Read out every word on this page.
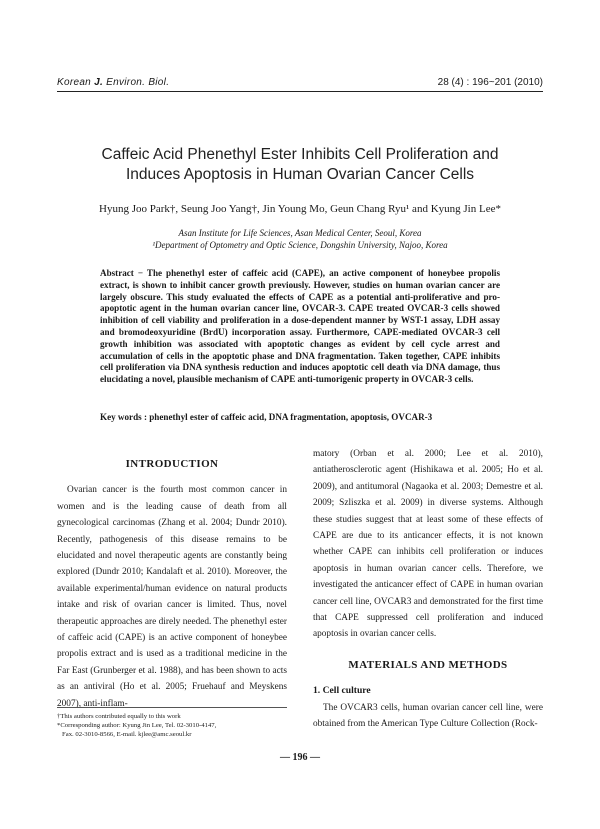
Korean J. Environ. Biol.	28 (4) : 196~201 (2010)
Caffeic Acid Phenethyl Ester Inhibits Cell Proliferation and
Induces Apoptosis in Human Ovarian Cancer Cells
Hyung Joo Park†, Seung Joo Yang†, Jin Young Mo, Geun Chang Ryu¹ and Kyung Jin Lee*
Asan Institute for Life Sciences, Asan Medical Center, Seoul, Korea
¹Department of Optometry and Optic Science, Dongshin University, Najoo, Korea

Abstract − The phenethyl ester of caffeic acid (CAPE), an active component of honeybee propolis extract, is shown to inhibit cancer growth previously. However, studies on human ovarian cancer are largely obscure. This study evaluated the effects of CAPE as a potential anti-proliferative and pro-apoptotic agent in the human ovarian cancer line, OVCAR-3. CAPE treated OVCAR-3 cells showed inhibition of cell viability and proliferation in a dose-dependent manner by WST-1 assay, LDH assay and bromodeoxyuridine (BrdU) incorporation assay. Furthermore, CAPE-mediated OVCAR-3 cell growth inhibition was associated with apoptotic changes as evident by cell cycle arrest and accumulation of cells in the apoptotic phase and DNA fragmentation. Taken together, CAPE inhibits cell proliferation via DNA synthesis reduction and induces apoptotic cell death via DNA damage, thus elucidating a novel, plausible mechanism of CAPE anti-tumorigenic property in OVCAR-3 cells.

Key words : phenethyl ester of caffeic acid, DNA fragmentation, apoptosis, OVCAR-3

INTRODUCTION

Ovarian cancer is the fourth most common cancer in women and is the leading cause of death from all gynecological carcinomas (Zhang et al. 2004; Dundr 2010). Recently, pathogenesis of this disease remains to be elucidated and novel therapeutic agents are constantly being explored (Dundr 2010; Kandalaft et al. 2010). Moreover, the available experimental/human evidence on natural products intake and risk of ovarian cancer is limited. Thus, novel therapeutic approaches are direly needed. The phenethyl ester of caffeic acid (CAPE) is an active component of honeybee propolis extract and is used as a traditional medicine in the Far East (Grunberger et al. 1988), and has been shown to acts as an antiviral (Ho et al. 2005; Fruehauf and Meyskens 2007), anti-inflam-

matory (Orban et al. 2000; Lee et al. 2010), antiatherosclerotic agent (Hishikawa et al. 2005; Ho et al. 2009), and antitumoral (Nagaoka et al. 2003; Demestre et al. 2009; Szliszka et al. 2009) in diverse systems. Although these studies suggest that at least some of these effects of CAPE are due to its anticancer effects, it is not known whether CAPE can inhibits cell proliferation or induces apoptosis in human ovarian cancer cells. Therefore, we investigated the anticancer effect of CAPE in human ovarian cancer cell line, OVCAR3 and demonstrated for the first time that CAPE suppressed cell proliferation and induced apoptosis in ovarian cancer cells.

MATERIALS AND METHODS
1. Cell culture

The OVCAR3 cells, human ovarian cancer cell line, were obtained from the American Type Culture Collection (Rock-

†This authors contributed equally to this work
*Corresponding author: Kyung Jin Lee, Tel. 02-3010-4147,
Fax. 02-3010-8566, E-mail. kjlee@amc.seoul.kr
— 196 —
